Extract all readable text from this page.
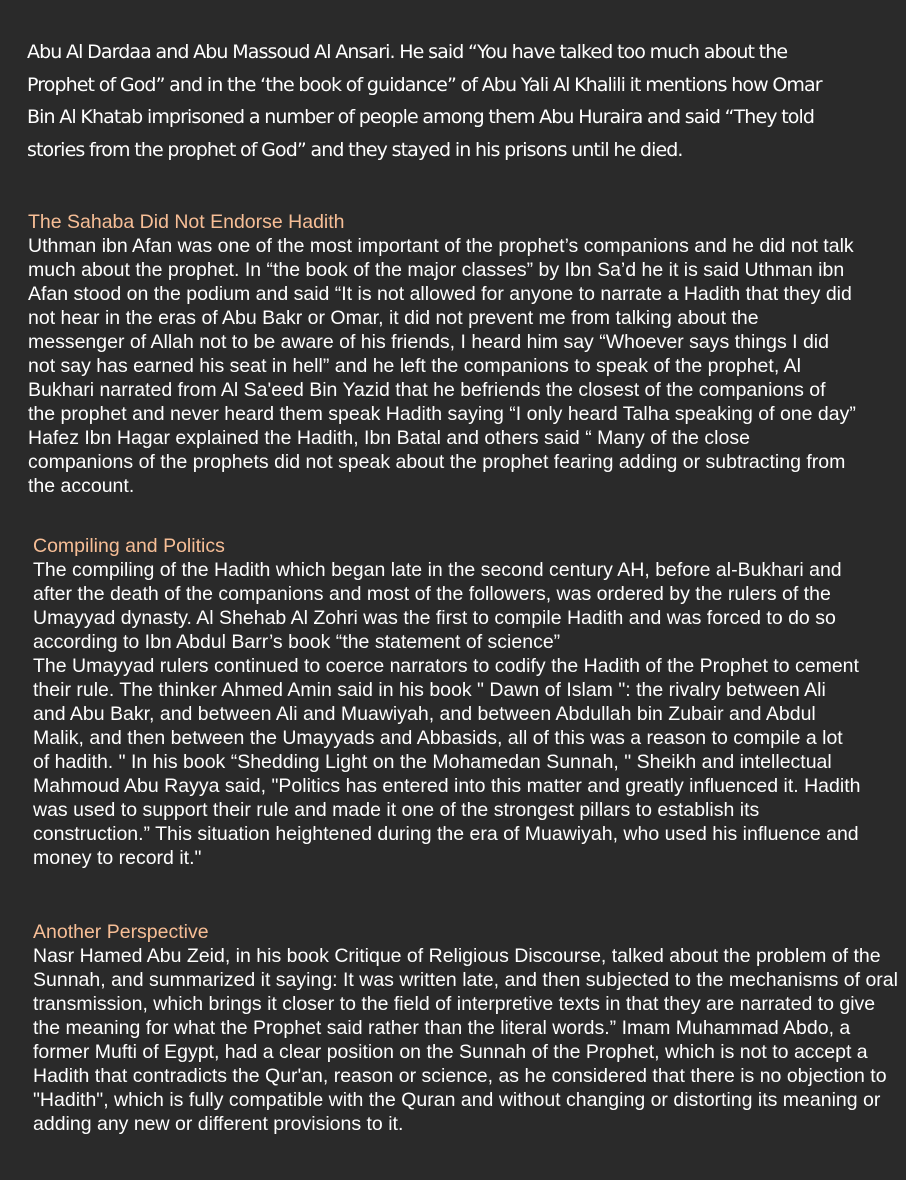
Abu Al Dardaa and Abu Massoud Al Ansari. He said “You have talked too much about the Prophet of God” and in the ‘the book of guidance” of Abu Yali Al Khalili it mentions how Omar Bin Al Khatab imprisoned a number of people among them Abu Huraira and said “They told stories from the prophet of God” and they stayed in his prisons until he died.

The Sahaba Did Not Endorse Hadith

Uthman ibn Afan was one of the most important of the prophet’s companions and he did not talk much about the prophet. In “the book of the major classes” by Ibn Sa’d he it is said Uthman ibn Afan stood on the podium and said “It is not allowed for anyone to narrate a Hadith that they did not hear in the eras of Abu Bakr or Omar, it did not prevent me from talking about the messenger of Allah not to be aware of his friends, I heard him say “Whoever says things I did not say has earned his seat in hell” and he left the companions to speak of the prophet, Al Bukhari narrated from Al Sa'eed Bin Yazid that he befriends the closest of the companions of the prophet and never heard them speak Hadith saying “I only heard Talha speaking of one day” Hafez Ibn Hagar explained the Hadith, Ibn Batal and others said “ Many of the close companions of the prophets did not speak about the prophet fearing adding or subtracting from the account.

Compiling and Politics

The compiling of the Hadith which began late in the second century AH, before al-Bukhari and after the death of the companions and most of the followers, was ordered by the rulers of the Umayyad dynasty. Al Shehab Al Zohri was the first to compile Hadith and was forced to do so according to Ibn Abdul Barr’s book “the statement of science”

The Umayyad rulers continued to coerce narrators to codify the Hadith of the Prophet to cement their rule. The thinker Ahmed Amin said in his book " Dawn of Islam ": the rivalry between Ali and Abu Bakr, and between Ali and Muawiyah, and between Abdullah bin Zubair and Abdul Malik, and then between the Umayyads and Abbasids, all of this was a reason to compile a lot of hadith. " In his book “Shedding Light on the Mohamedan Sunnah, " Sheikh and intellectual Mahmoud Abu Rayya said, "Politics has entered into this matter and greatly influenced it. Hadith was used to support their rule and made it one of the strongest pillars to establish its construction.” This situation heightened during the era of Muawiyah, who used his influence and money to record it."

Another Perspective

Nasr Hamed Abu Zeid, in his book Critique of Religious Discourse, talked about the problem of the Sunnah, and summarized it saying: It was written late, and then subjected to the mechanisms of oral transmission, which brings it closer to the field of interpretive texts in that they are narrated to give the meaning for what the Prophet said rather than the literal words.” Imam Muhammad Abdo, a former Mufti of Egypt, had a clear position on the Sunnah of the Prophet, which is not to accept a Hadith that contradicts the Qur'an, reason or science, as he considered that there is no objection to "Hadith", which is fully compatible with the Quran and without changing or distorting its meaning or adding any new or different provisions to it.
